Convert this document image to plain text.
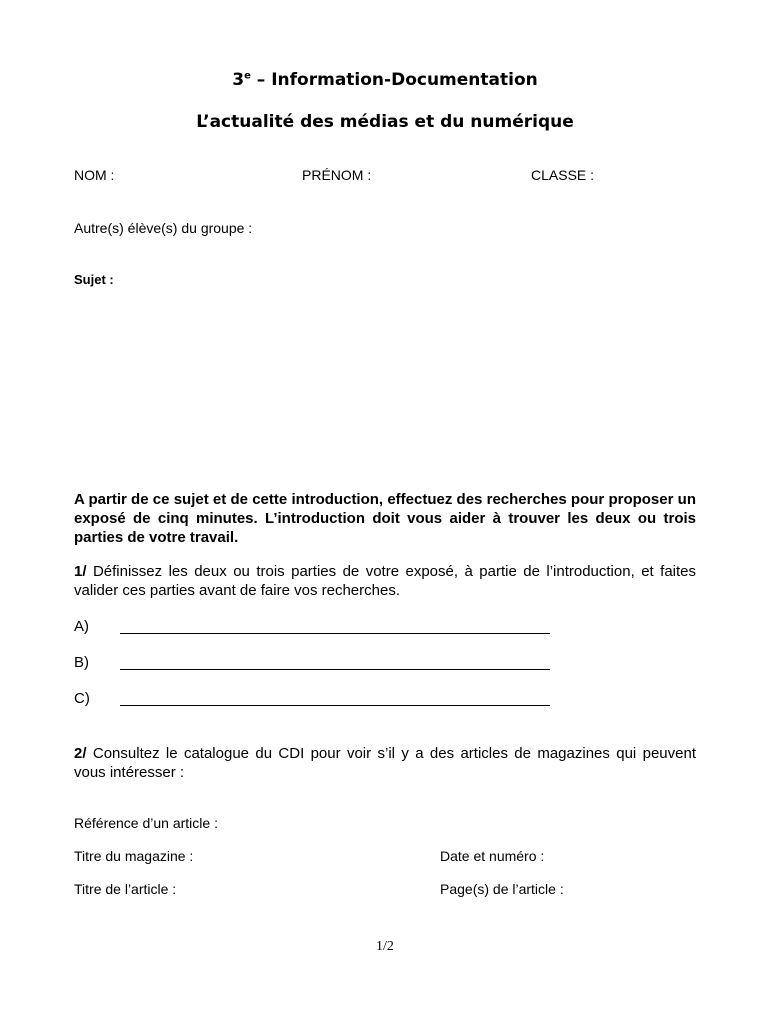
3e – Information-Documentation
L’actualité des médias et du numérique
NOM :	PRÉNOM :	CLASSE :
Autre(s) élève(s) du groupe :
Sujet :
A partir de ce sujet et de cette introduction, effectuez des recherches pour proposer un exposé de cinq minutes. L’introduction doit vous aider à trouver les deux ou trois parties de votre travail.
1/ Définissez les deux ou trois parties de votre exposé, à partie de l’introduction, et faites valider ces parties avant de faire vos recherches.
A)
B)
C)
2/ Consultez le catalogue du CDI pour voir s’il y a des articles de magazines qui peuvent vous intéresser :
Référence d’un article :
Titre du magazine :	Date et numéro :
Titre de l’article :	Page(s) de l’article :
1/2
